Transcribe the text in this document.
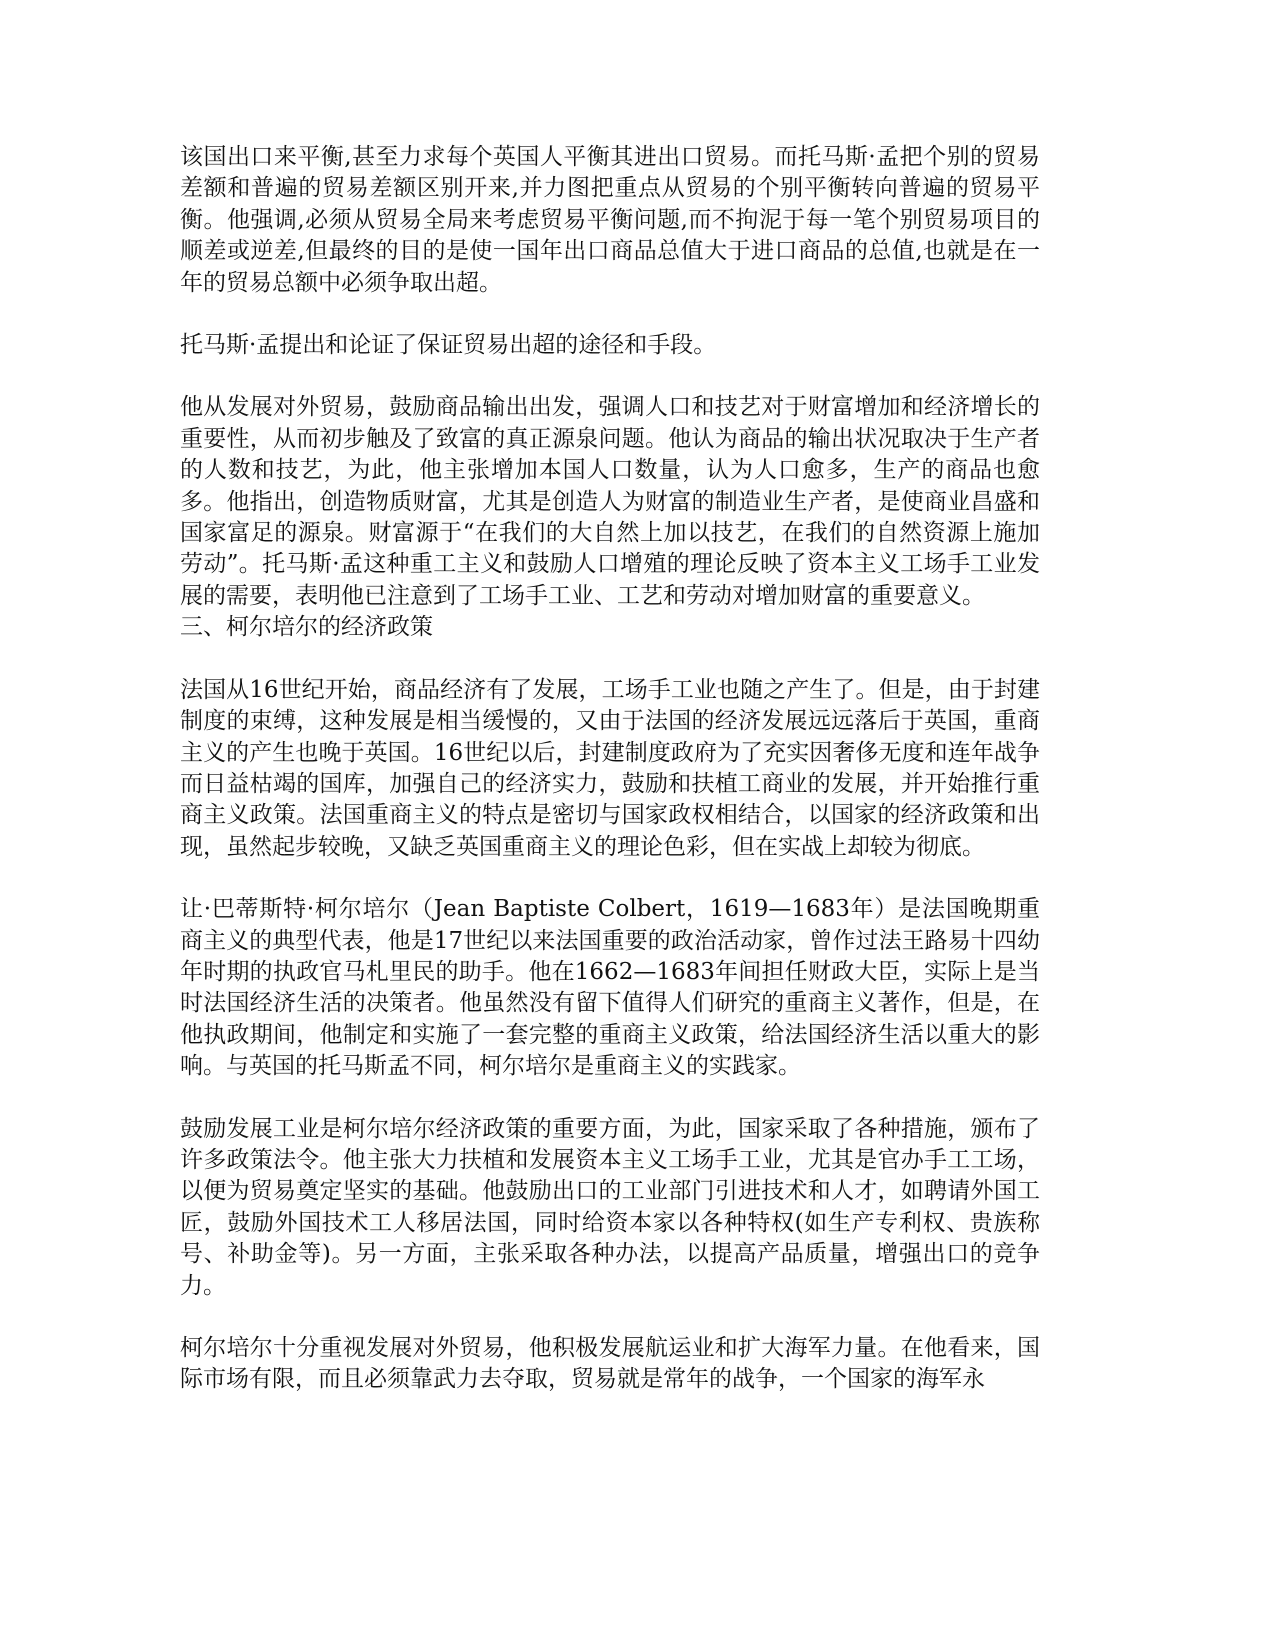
该国出口来平衡,甚至力求每个英国人平衡其进出口贸易。而托马斯·孟把个别的贸易差额和普遍的贸易差额区别开来,并力图把重点从贸易的个别平衡转向普遍的贸易平衡。他强调,必须从贸易全局来考虑贸易平衡问题,而不拘泥于每一笔个别贸易项目的顺差或逆差,但最终的目的是使一国年出口商品总值大于进口商品的总值,也就是在一年的贸易总额中必须争取出超。

托马斯·孟提出和论证了保证贸易出超的途径和手段。

他从发展对外贸易，鼓励商品输出出发，强调人口和技艺对于财富增加和经济增长的重要性，从而初步触及了致富的真正源泉问题。他认为商品的输出状况取决于生产者的人数和技艺，为此，他主张增加本国人口数量，认为人口愈多，生产的商品也愈多。他指出，创造物质财富，尤其是创造人为财富的制造业生产者，是使商业昌盛和国家富足的源泉。财富源于“在我们的大自然上加以技艺，在我们的自然资源上施加劳动”。托马斯·孟这种重工主义和鼓励人口增殖的理论反映了资本主义工场手工业发展的需要，表明他已注意到了工场手工业、工艺和劳动对增加财富的重要意义。

三、柯尔培尔的经济政策

法国从16世纪开始，商品经济有了发展，工场手工业也随之产生了。但是，由于封建制度的束缚，这种发展是相当缓慢的，又由于法国的经济发展远远落后于英国，重商主义的产生也晚于英国。16世纪以后，封建制度政府为了充实因奢侈无度和连年战争而日益枯竭的国库，加强自己的经济实力，鼓励和扶植工商业的发展，并开始推行重商主义政策。法国重商主义的特点是密切与国家政权相结合，以国家的经济政策和出现，虽然起步较晚，又缺乏英国重商主义的理论色彩，但在实战上却较为彻底。

让·巴蒂斯特·柯尔培尔（Jean Baptiste Colbert，1619—1683年）是法国晚期重商主义的典型代表，他是17世纪以来法国重要的政治活动家，曾作过法王路易十四幼年时期的执政官马札里民的助手。他在1662—1683年间担任财政大臣，实际上是当时法国经济生活的决策者。他虽然没有留下值得人们研究的重商主义著作，但是，在他执政期间，他制定和实施了一套完整的重商主义政策，给法国经济生活以重大的影响。与英国的托马斯孟不同，柯尔培尔是重商主义的实践家。

鼓励发展工业是柯尔培尔经济政策的重要方面，为此，国家采取了各种措施，颁布了许多政策法令。他主张大力扶植和发展资本主义工场手工业，尤其是官办手工工场，以便为贸易奠定坚实的基础。他鼓励出口的工业部门引进技术和人才，如聘请外国工匠，鼓励外国技术工人移居法国，同时给资本家以各种特权(如生产专利权、贵族称号、补助金等)。另一方面，主张采取各种办法，以提高产品质量，增强出口的竞争力。

柯尔培尔十分重视发展对外贸易，他积极发展航运业和扩大海军力量。在他看来，国际市场有限，而且必须靠武力去夺取，贸易就是常年的战争，一个国家的海军永
